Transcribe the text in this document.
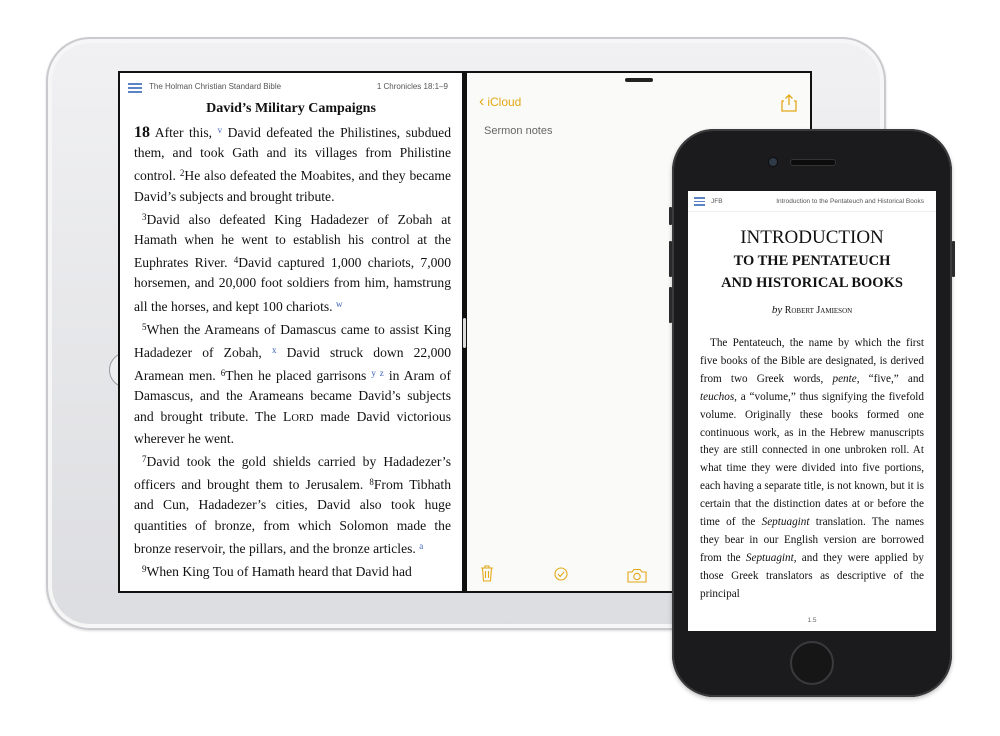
The Holman Christian Standard Bible	1 Chronicles 18:1–9
David’s Military Campaigns

18 After this, $^v$ David defeated the Philistines, subdued them, and took Gath and its villages from Philistine control. $^2$He also defeated the Moabites, and they became David’s subjects and brought tribute.

$^3$David also defeated King Hadadezer of Zobah at Hamath when he went to establish his control at the Euphrates River. $^4$David captured 1,000 chariots, 7,000 horsemen, and 20,000 foot soldiers from him, hamstrung all the horses, and kept 100 chariots. $^w$

$^5$When the Arameans of Damascus came to assist King Hadadezer of Zobah, $^x$ David struck down 22,000 Aramean men. $^6$Then he placed garrisons $^{y z}$ in Aram of Damascus, and the Arameans became David’s subjects and brought tribute. The LORD made David victorious wherever he went.

$^7$David took the gold shields carried by Hadadezer’s officers and brought them to Jerusalem. $^8$From Tibhath and Cun, Hadadezer’s cities, David also took huge quantities of bronze, from which Solomon made the bronze reservoir, the pillars, and the bronze articles. $^a$

$^9$When King Tou of Hamath heard that David had

‹ iCloud
Sermon notes
JFB	Introduction to the Pentateuch and Historical Books
INTRODUCTION
TO THE PENTATEUCH
AND HISTORICAL BOOKS
by Robert Jamieson
The Pentateuch, the name by which the first five books of the Bible are designated, is derived from two Greek words, pente, “five,” and teuchos, a “volume,” thus signifying the fivefold volume. Originally these books formed one continuous work, as in the Hebrew manuscripts they are still connected in one unbroken roll. At what time they were divided into five portions, each having a separate title, is not known, but it is certain that the distinction dates at or before the time of the Septuagint translation. The names they bear in our English version are borrowed from the Septuagint, and they were applied by those Greek translators as descriptive of the principal
1.5
